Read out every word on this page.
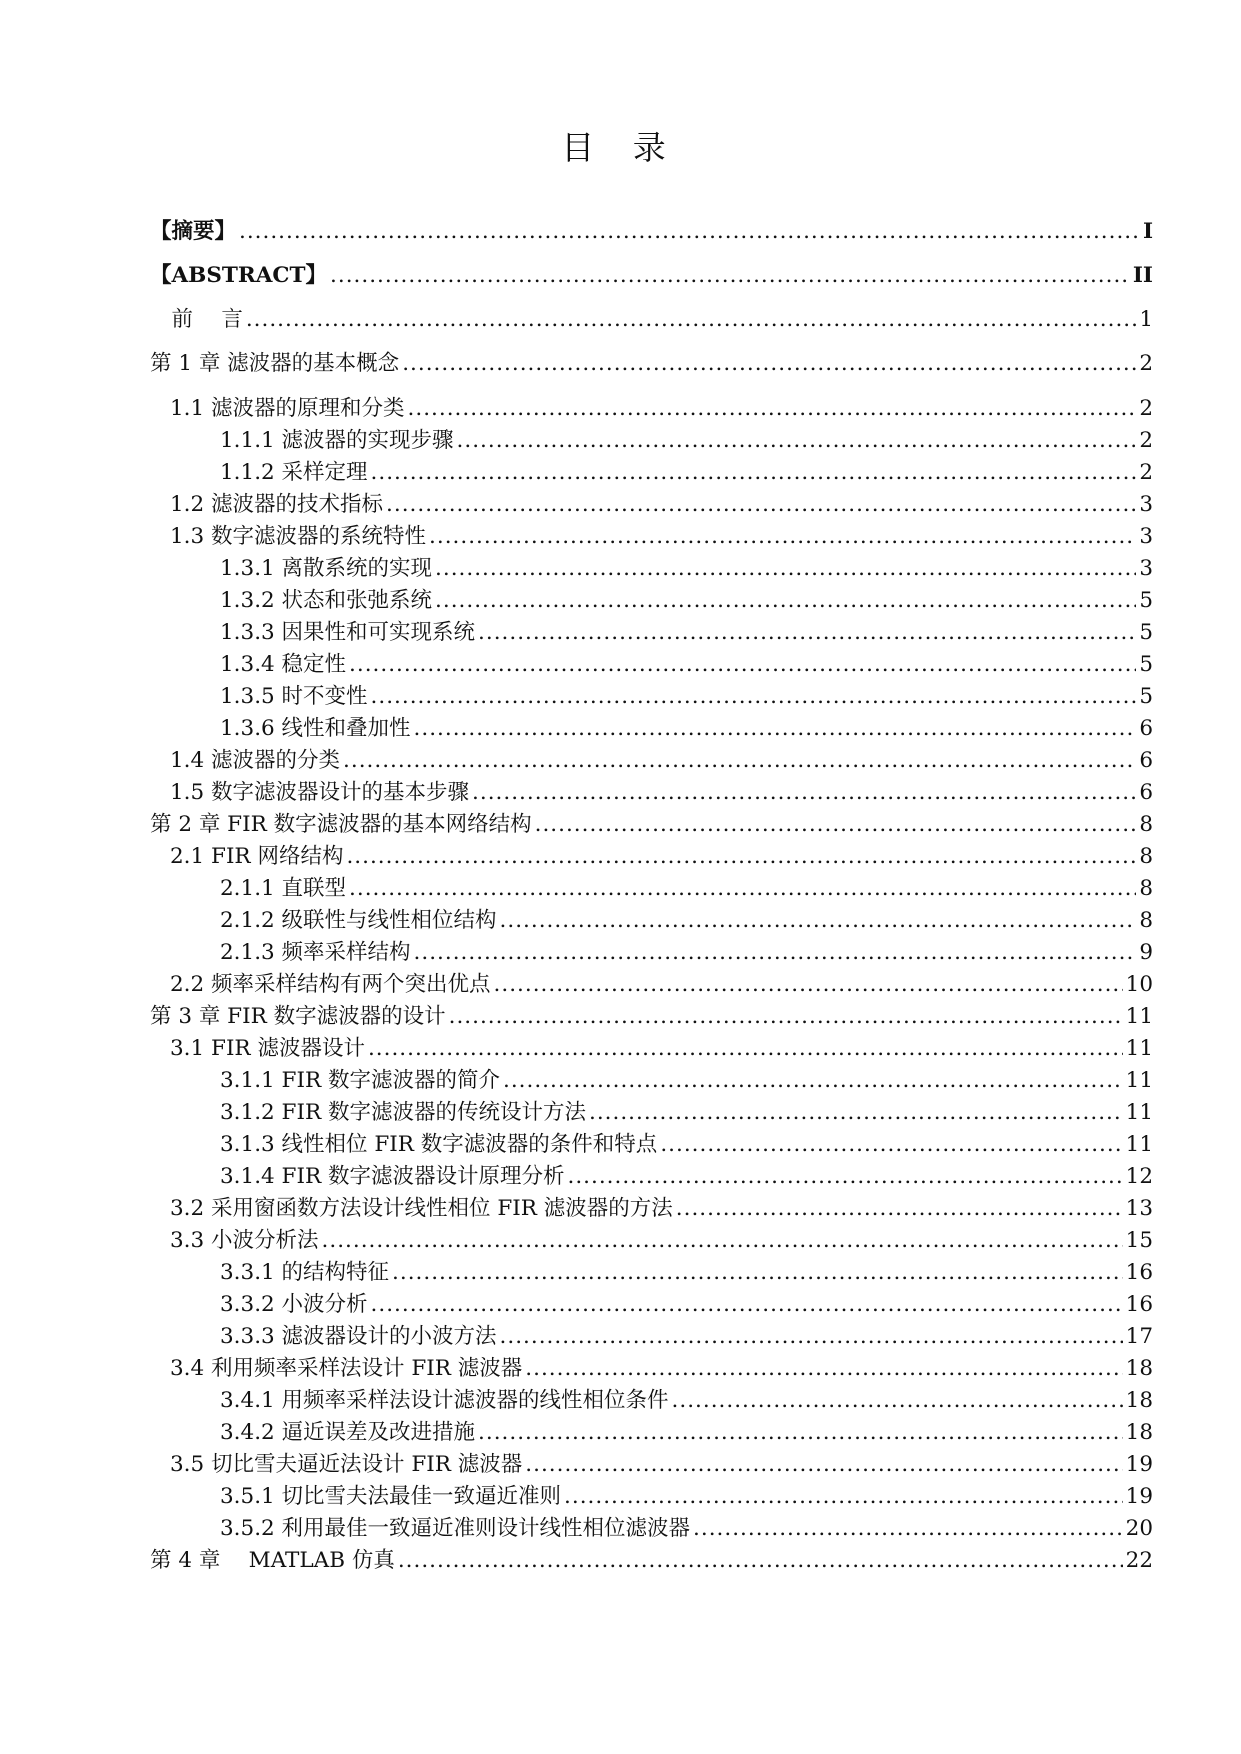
目 录
【摘要】 .....	I
【ABSTRACT】 .....	II
　前　 言 .....	1
第 1 章 滤波器的基本概念 .....	2
1.1 滤波器的原理和分类 .....	2
1.1.1 滤波器的实现步骤 .....	2
1.1.2 采样定理 .....	2
1.2 滤波器的技术指标 .....	3
1.3 数字滤波器的系统特性 .....	3
1.3.1 离散系统的实现 .....	3
1.3.2 状态和张弛系统 .....	5
1.3.3 因果性和可实现系统 .....	5
1.3.4 稳定性 .....	5
1.3.5 时不变性 .....	5
1.3.6 线性和叠加性 .....	6
1.4 滤波器的分类 .....	6
1.5 数字滤波器设计的基本步骤 .....	6
第 2 章 FIR 数字滤波器的基本网络结构 .....	8
2.1 FIR 网络结构 .....	8
2.1.1 直联型 .....	8
2.1.2 级联性与线性相位结构 .....	8
2.1.3 频率采样结构 .....	9
2.2 频率采样结构有两个突出优点 .....	10
第 3 章 FIR 数字滤波器的设计 .....	11
3.1 FIR 滤波器设计 .....	11
3.1.1 FIR 数字滤波器的简介 .....	11
3.1.2 FIR 数字滤波器的传统设计方法 .....	11
3.1.3 线性相位 FIR 数字滤波器的条件和特点 .....	11
3.1.4 FIR 数字滤波器设计原理分析 .....	12
3.2 采用窗函数方法设计线性相位 FIR 滤波器的方法 .....	13
3.3 小波分析法 .....	15
3.3.1 的结构特征 .....	16
3.3.2 小波分析 .....	16
3.3.3 滤波器设计的小波方法 .....	17
3.4 利用频率采样法设计 FIR 滤波器 .....	18
3.4.1 用频率采样法设计滤波器的线性相位条件 .....	18
3.4.2 逼近误差及改进措施 .....	18
3.5 切比雪夫逼近法设计 FIR 滤波器 .....	19
3.5.1 切比雪夫法最佳一致逼近准则 .....	19
3.5.2 利用最佳一致逼近准则设计线性相位滤波器 .....	20
第 4 章　 MATLAB 仿真 .....	22
